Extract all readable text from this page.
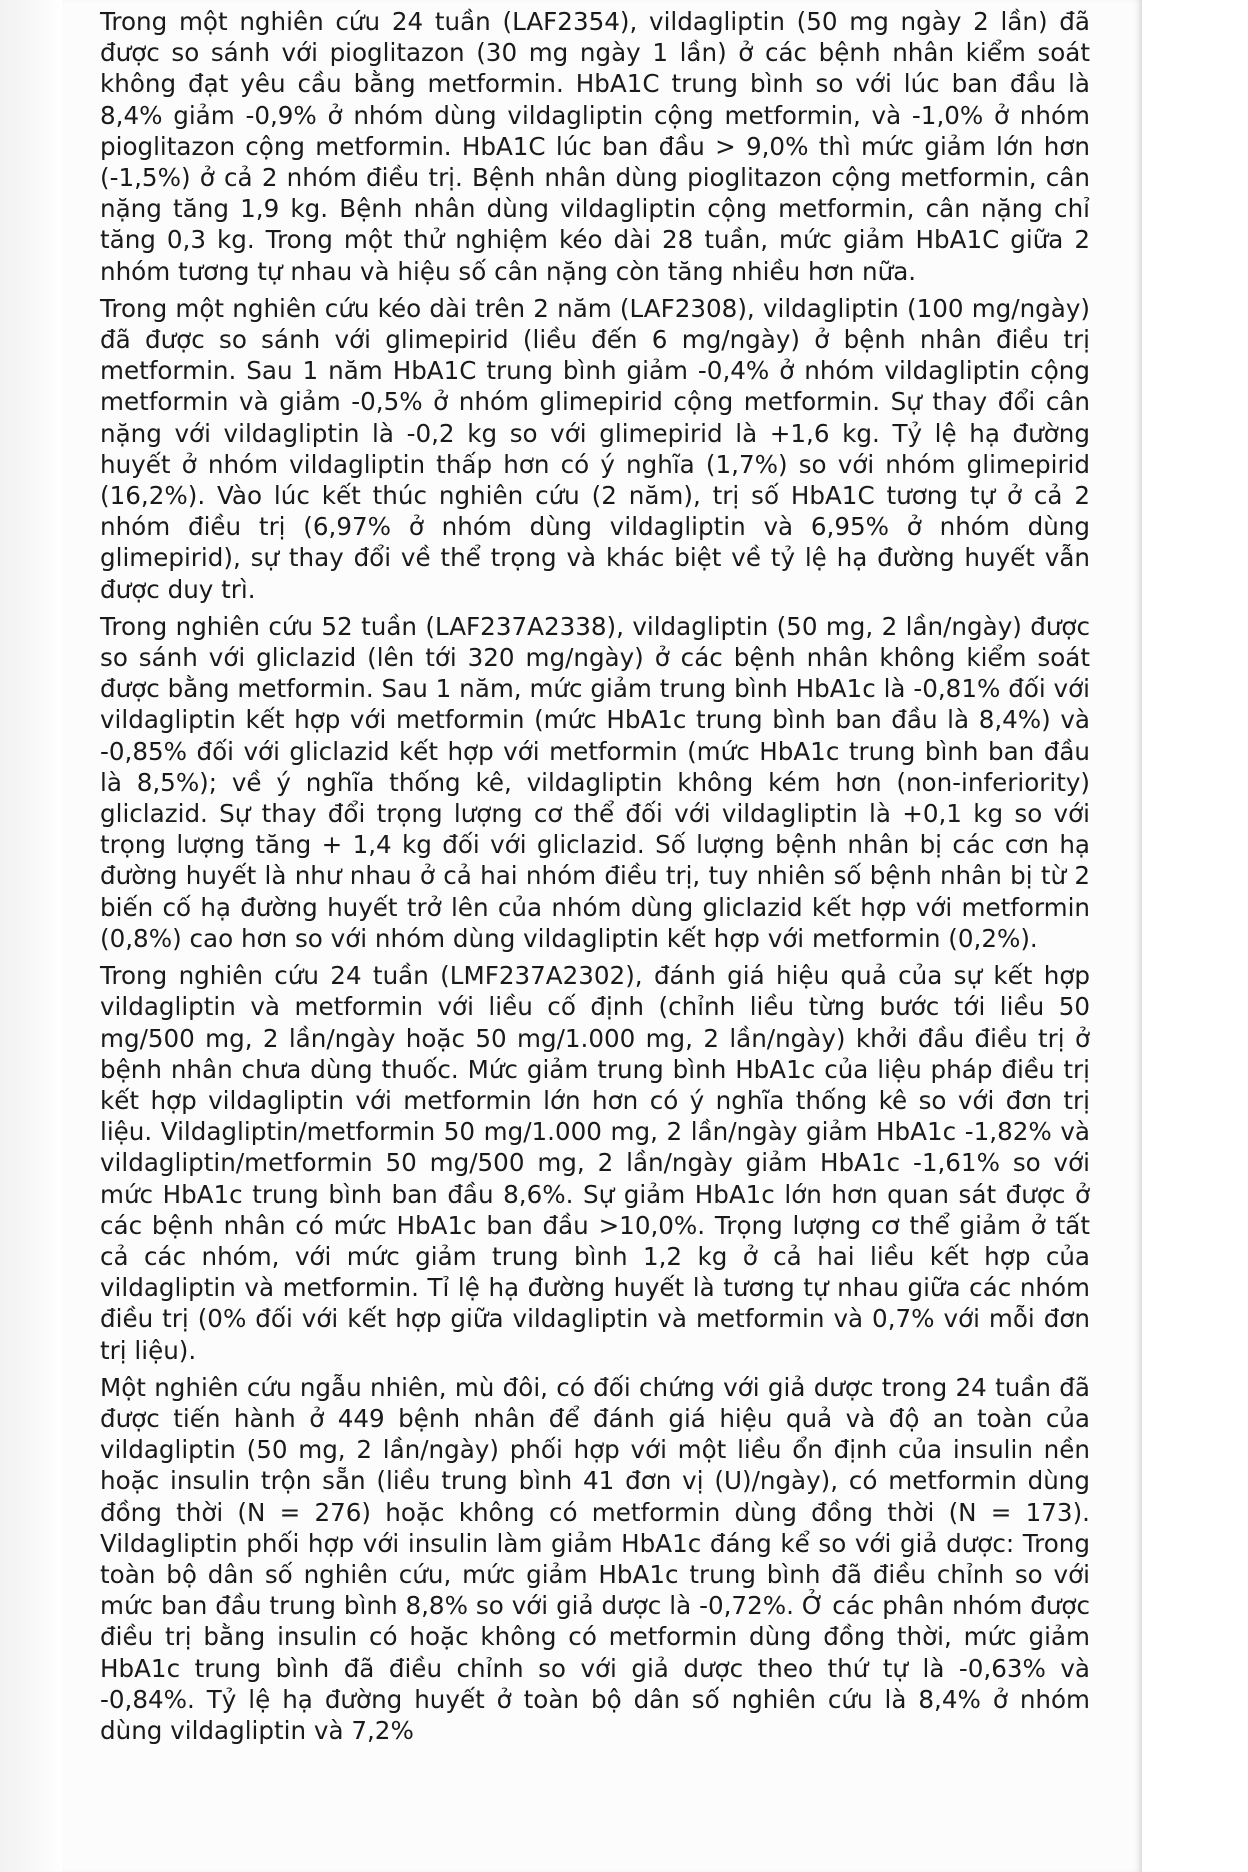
Trong một nghiên cứu 24 tuần (LAF2354), vildagliptin (50 mg ngày 2 lần) đã được so sánh với pioglitazon (30 mg ngày 1 lần) ở các bệnh nhân kiểm soát không đạt yêu cầu bằng metformin. HbA1C trung bình so với lúc ban đầu là 8,4% giảm -0,9% ở nhóm dùng vildagliptin cộng metformin, và -1,0% ở nhóm pioglitazon cộng metformin. HbA1C lúc ban đầu > 9,0% thì mức giảm lớn hơn (-1,5%) ở cả 2 nhóm điều trị. Bệnh nhân dùng pioglitazon cộng metformin, cân nặng tăng 1,9 kg. Bệnh nhân dùng vildagliptin cộng metformin, cân nặng chỉ tăng 0,3 kg. Trong một thử nghiệm kéo dài 28 tuần, mức giảm HbA1C giữa 2 nhóm tương tự nhau và hiệu số cân nặng còn tăng nhiều hơn nữa.

Trong một nghiên cứu kéo dài trên 2 năm (LAF2308), vildagliptin (100 mg/ngày) đã được so sánh với glimepirid (liều đến 6 mg/ngày) ở bệnh nhân điều trị metformin. Sau 1 năm HbA1C trung bình giảm -0,4% ở nhóm vildagliptin cộng metformin và giảm -0,5% ở nhóm glimepirid cộng metformin. Sự thay đổi cân nặng với vildagliptin là -0,2 kg so với glimepirid là +1,6 kg. Tỷ lệ hạ đường huyết ở nhóm vildagliptin thấp hơn có ý nghĩa (1,7%) so với nhóm glimepirid (16,2%). Vào lúc kết thúc nghiên cứu (2 năm), trị số HbA1C tương tự ở cả 2 nhóm điều trị (6,97% ở nhóm dùng vildagliptin và 6,95% ở nhóm dùng glimepirid), sự thay đổi về thể trọng và khác biệt về tỷ lệ hạ đường huyết vẫn được duy trì.

Trong nghiên cứu 52 tuần (LAF237A2338), vildagliptin (50 mg, 2 lần/ngày) được so sánh với gliclazid (lên tới 320 mg/ngày) ở các bệnh nhân không kiểm soát được bằng metformin. Sau 1 năm, mức giảm trung bình HbA1c là -0,81% đối với vildagliptin kết hợp với metformin (mức HbA1c trung bình ban đầu là 8,4%) và -0,85% đối với gliclazid kết hợp với metformin (mức HbA1c trung bình ban đầu là 8,5%); về ý nghĩa thống kê, vildagliptin không kém hơn (non-inferiority) gliclazid. Sự thay đổi trọng lượng cơ thể đối với vildagliptin là +0,1 kg so với trọng lượng tăng + 1,4 kg đối với gliclazid. Số lượng bệnh nhân bị các cơn hạ đường huyết là như nhau ở cả hai nhóm điều trị, tuy nhiên số bệnh nhân bị từ 2 biến cố hạ đường huyết trở lên của nhóm dùng gliclazid kết hợp với metformin (0,8%) cao hơn so với nhóm dùng vildagliptin kết hợp với metformin (0,2%).

Trong nghiên cứu 24 tuần (LMF237A2302), đánh giá hiệu quả của sự kết hợp vildagliptin và metformin với liều cố định (chỉnh liều từng bước tới liều 50 mg/500 mg, 2 lần/ngày hoặc 50 mg/1.000 mg, 2 lần/ngày) khởi đầu điều trị ở bệnh nhân chưa dùng thuốc. Mức giảm trung bình HbA1c của liệu pháp điều trị kết hợp vildagliptin với metformin lớn hơn có ý nghĩa thống kê so với đơn trị liệu. Vildagliptin/metformin 50 mg/1.000 mg, 2 lần/ngày giảm HbA1c -1,82% và vildagliptin/metformin 50 mg/500 mg, 2 lần/ngày giảm HbA1c -1,61% so với mức HbA1c trung bình ban đầu 8,6%. Sự giảm HbA1c lớn hơn quan sát được ở các bệnh nhân có mức HbA1c ban đầu >10,0%. Trọng lượng cơ thể giảm ở tất cả các nhóm, với mức giảm trung bình 1,2 kg ở cả hai liều kết hợp của vildagliptin và metformin. Tỉ lệ hạ đường huyết là tương tự nhau giữa các nhóm điều trị (0% đối với kết hợp giữa vildagliptin và metformin và 0,7% với mỗi đơn trị liệu).

Một nghiên cứu ngẫu nhiên, mù đôi, có đối chứng với giả dược trong 24 tuần đã được tiến hành ở 449 bệnh nhân để đánh giá hiệu quả và độ an toàn của vildagliptin (50 mg, 2 lần/ngày) phối hợp với một liều ổn định của insulin nền hoặc insulin trộn sẵn (liều trung bình 41 đơn vị (U)/ngày), có metformin dùng đồng thời (N = 276) hoặc không có metformin dùng đồng thời (N = 173). Vildagliptin phối hợp với insulin làm giảm HbA1c đáng kể so với giả dược: Trong toàn bộ dân số nghiên cứu, mức giảm HbA1c trung bình đã điều chỉnh so với mức ban đầu trung bình 8,8% so với giả dược là -0,72%. Ở các phân nhóm được điều trị bằng insulin có hoặc không có metformin dùng đồng thời, mức giảm HbA1c trung bình đã điều chỉnh so với giả dược theo thứ tự là -0,63% và -0,84%. Tỷ lệ hạ đường huyết ở toàn bộ dân số nghiên cứu là 8,4% ở nhóm dùng vildagliptin và 7,2%
